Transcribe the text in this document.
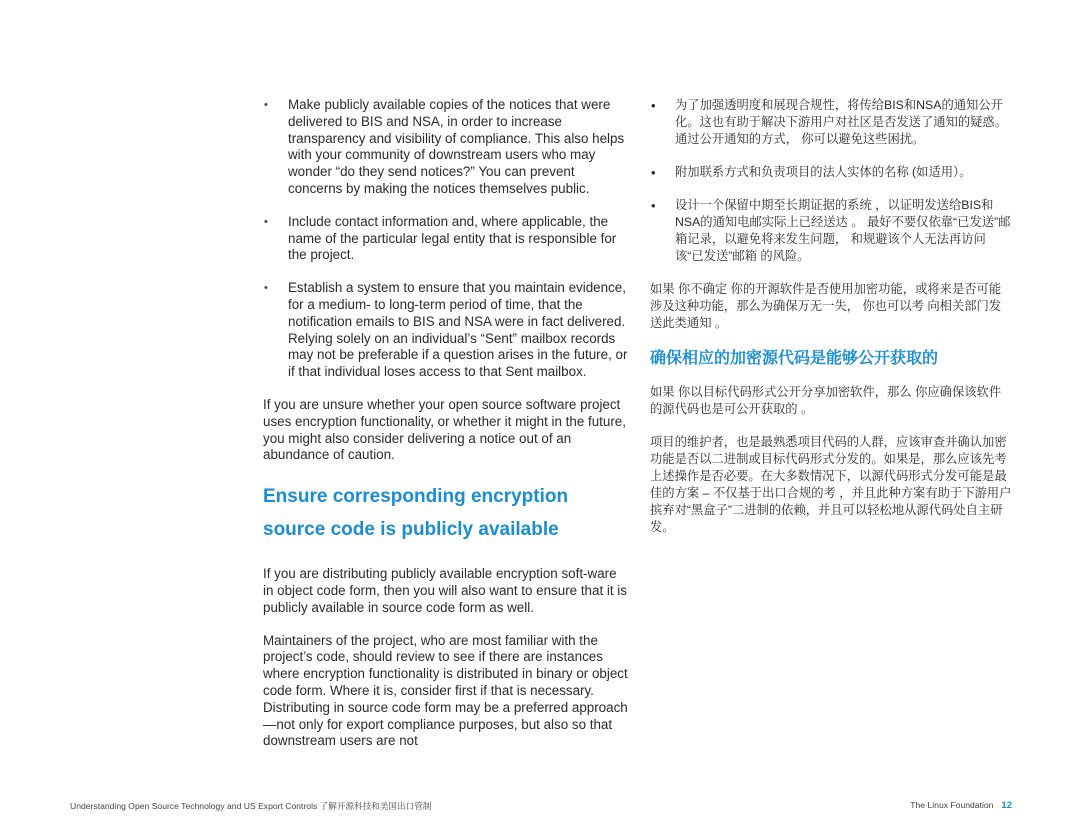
• Make publicly available copies of the notices that were delivered to BIS and NSA, in order to increase transparency and visibility of compliance. This also helps with your community of downstream users who may wonder “do they send notices?” You can prevent concerns by making the notices themselves public.
• Include contact information and, where applicable, the name of the particular legal entity that is responsible for the project.
• Establish a system to ensure that you maintain evidence, for a medium- to long-term period of time, that the notification emails to BIS and NSA were in fact delivered. Relying solely on an individual’s “Sent” mailbox records may not be preferable if a question arises in the future, or if that individual loses access to that Sent mailbox.

If you are unsure whether your open source software project uses encryption functionality, or whether it might in the future, you might also consider delivering a notice out of an abundance of caution.

Ensure corresponding encryption source code is publicly available

If you are distributing publicly available encryption soft-ware in object code form, then you will also want to ensure that it is publicly available in source code form as well.

Maintainers of the project, who are most familiar with the project’s code, should review to see if there are instances where encryption functionality is distributed in binary or object code form. Where it is, consider first if that is necessary. Distributing in source code form may be a preferred approach—not only for export compliance purposes, but also so that downstream users are not

• 为了加强透明度和展现合规性，将传给BIS和NSA的通知公开化。这也有助于解决下游用户对社区是否发送了通知的疑惑。通过公开通知的方式， 你可以避免这些困扰。
• 附加联系方式和负责项目的法人实体的名称 (如适用）。
• 设计一个保留中期至长期证据的系统 ，以证明发送给BIS和NSA的通知电邮实际上已经送达 。 最好不要仅依靠“已发送”邮箱记录，以避免将来发生问题， 和规避该个人无法再访问该“已发送”邮箱 的风险。

如果 你不确定 你的开源软件是否使用加密功能，或将来是否可能涉及这种功能，那么为确保万无一失， 你也可以考 向相关部门发送此类通知 。

确保相应的加密源代码是能够公开获取的

如果 你以目标代码形式公开分享加密软件，那么 你应确保该软件的源代码也是可公开获取的 。

项目的维护者，也是最熟悉项目代码的人群，应该审查并确认加密功能是否以二进制或目标代码形式分发的。如果是，那么应该先考 上述操作是否必要。在大多数情况下，以源代码形式分发可能是最佳的方案 – 不仅基于出口合规的考 ，并且此种方案有助于下游用户摈弃对“黑盒子”二进制的依赖，并且可以轻松地从源代码处自主研发。

Understanding Open Source Technology and US Export Controls 了解开源科技和美国出口管制	The Linux Foundation 12
